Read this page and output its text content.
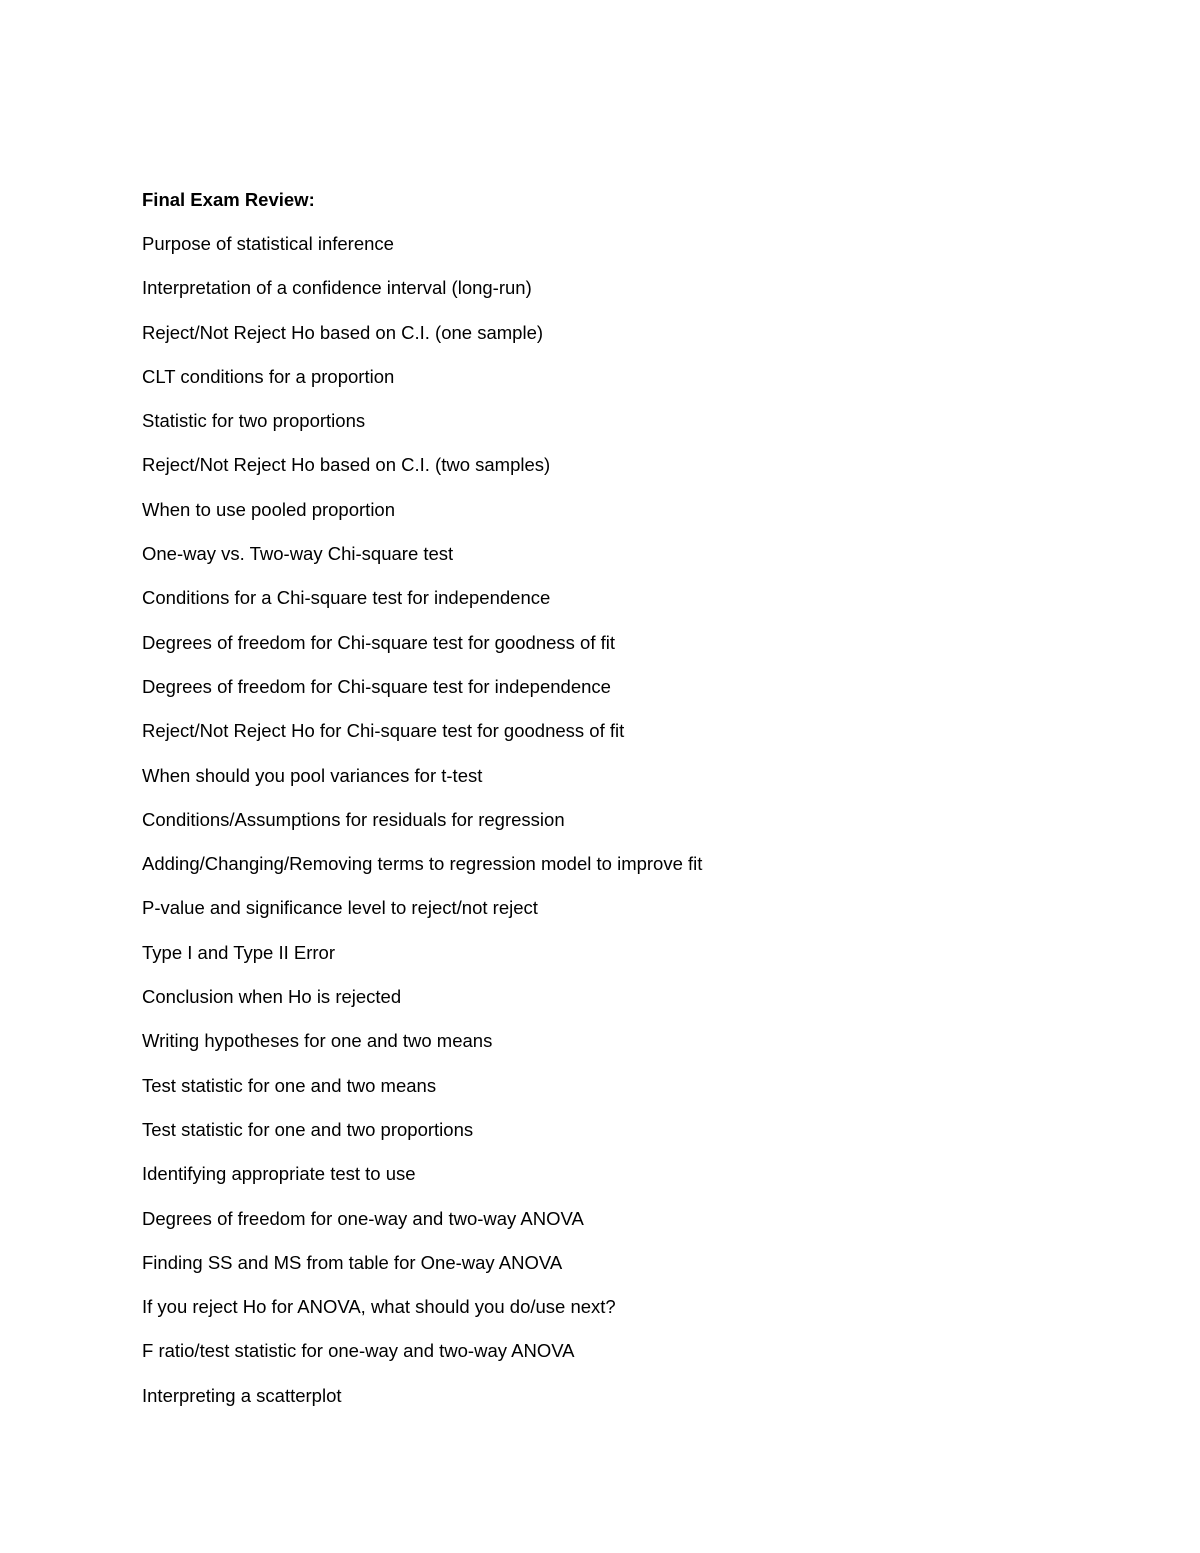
Final Exam Review:
Purpose of statistical inference
Interpretation of a confidence interval (long-run)
Reject/Not Reject Ho based on C.I. (one sample)
CLT conditions for a proportion
Statistic for two proportions
Reject/Not Reject Ho based on C.I. (two samples)
When to use pooled proportion
One-way vs. Two-way Chi-square test
Conditions for a Chi-square test for independence
Degrees of freedom for Chi-square test for goodness of fit
Degrees of freedom for Chi-square test for independence
Reject/Not Reject Ho for Chi-square test for goodness of fit
When should you pool variances for t-test
Conditions/Assumptions for residuals for regression
Adding/Changing/Removing terms to regression model to improve fit
P-value and significance level to reject/not reject
Type I and Type II Error
Conclusion when Ho is rejected
Writing hypotheses for one and two means
Test statistic for one and two means
Test statistic for one and two proportions
Identifying appropriate test to use
Degrees of freedom for one-way and two-way ANOVA
Finding SS and MS from table for One-way ANOVA
If you reject Ho for ANOVA, what should you do/use next?
F ratio/test statistic for one-way and two-way ANOVA
Interpreting a scatterplot
